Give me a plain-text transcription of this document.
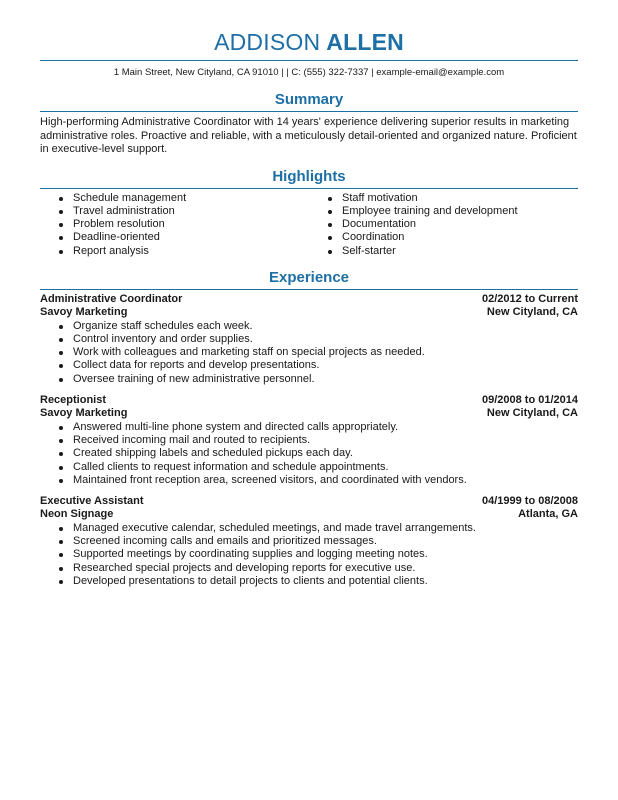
ADDISON ALLEN
1 Main Street, New Cityland, CA 91010 | | C: (555) 322-7337 | example-email@example.com
Summary
High-performing Administrative Coordinator with 14 years' experience delivering superior results in marketing administrative roles. Proactive and reliable, with a meticulously detail-oriented and organized nature. Proficient in executive-level support.
Highlights
Schedule management
Travel administration
Problem resolution
Deadline-oriented
Report analysis
Staff motivation
Employee training and development
Documentation
Coordination
Self-starter
Experience
Administrative Coordinator	02/2012 to Current
Savoy Marketing	New Cityland, CA
Organize staff schedules each week.
Control inventory and order supplies.
Work with colleagues and marketing staff on special projects as needed.
Collect data for reports and develop presentations.
Oversee training of new administrative personnel.
Receptionist	09/2008 to 01/2014
Savoy Marketing	New Cityland, CA
Answered multi-line phone system and directed calls appropriately.
Received incoming mail and routed to recipients.
Created shipping labels and scheduled pickups each day.
Called clients to request information and schedule appointments.
Maintained front reception area, screened visitors, and coordinated with vendors.
Executive Assistant	04/1999 to 08/2008
Neon Signage	Atlanta, GA
Managed executive calendar, scheduled meetings, and made travel arrangements.
Screened incoming calls and emails and prioritized messages.
Supported meetings by coordinating supplies and logging meeting notes.
Researched special projects and developing reports for executive use.
Developed presentations to detail projects to clients and potential clients.
